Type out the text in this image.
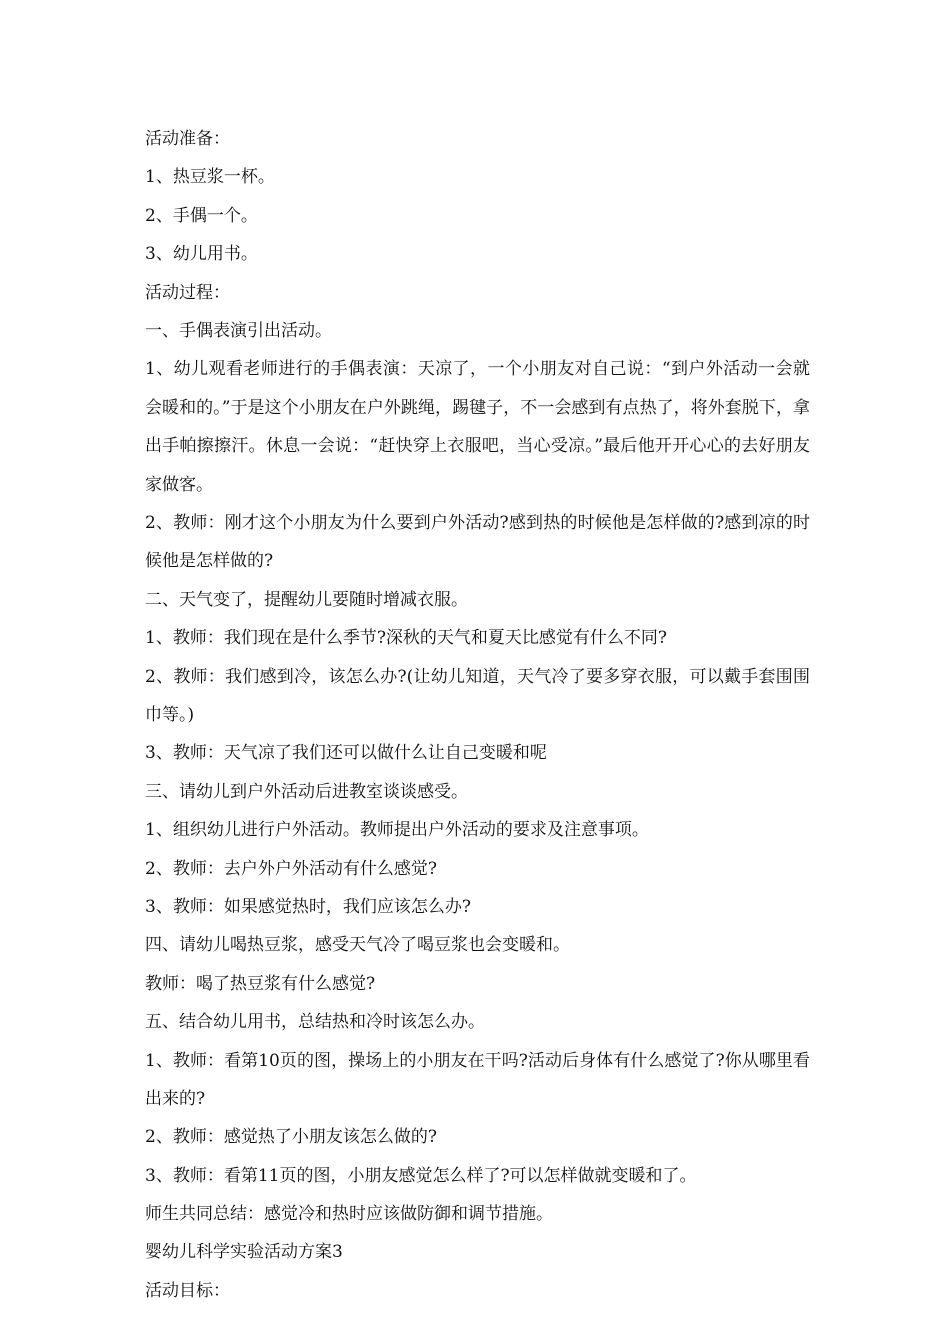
活动准备：
1、热豆浆一杯。
2、手偶一个。
3、幼儿用书。
活动过程：
一、手偶表演引出活动。

1、幼儿观看老师进行的手偶表演：天凉了，一个小朋友对自己说：“到户外活动一会就会暖和的。”于是这个小朋友在户外跳绳，踢毽子，不一会感到有点热了，将外套脱下，拿出手帕擦擦汗。休息一会说：“赶快穿上衣服吧，当心受凉。”最后他开开心心的去好朋友家做客。

2、教师：刚才这个小朋友为什么要到户外活动?感到热的时候他是怎样做的?感到凉的时候他是怎样做的?

二、天气变了，提醒幼儿要随时增减衣服。
1、教师：我们现在是什么季节?深秋的天气和夏天比感觉有什么不同?

2、教师：我们感到冷，该怎么办?(让幼儿知道，天气冷了要多穿衣服，可以戴手套围围巾等。)

3、教师：天气凉了我们还可以做什么让自己变暖和呢
三、请幼儿到户外活动后进教室谈谈感受。
1、组织幼儿进行户外活动。教师提出户外活动的要求及注意事项。
2、教师：去户外户外活动有什么感觉?
3、教师：如果感觉热时，我们应该怎么办?
四、请幼儿喝热豆浆，感受天气冷了喝豆浆也会变暖和。
教师：喝了热豆浆有什么感觉?
五、结合幼儿用书，总结热和冷时该怎么办。

1、教师：看第10页的图，操场上的小朋友在干吗?活动后身体有什么感觉了?你从哪里看出来的?

2、教师：感觉热了小朋友该怎么做的?
3、教师：看第11页的图，小朋友感觉怎么样了?可以怎样做就变暖和了。
师生共同总结：感觉冷和热时应该做防御和调节措施。
婴幼儿科学实验活动方案3
活动目标：
